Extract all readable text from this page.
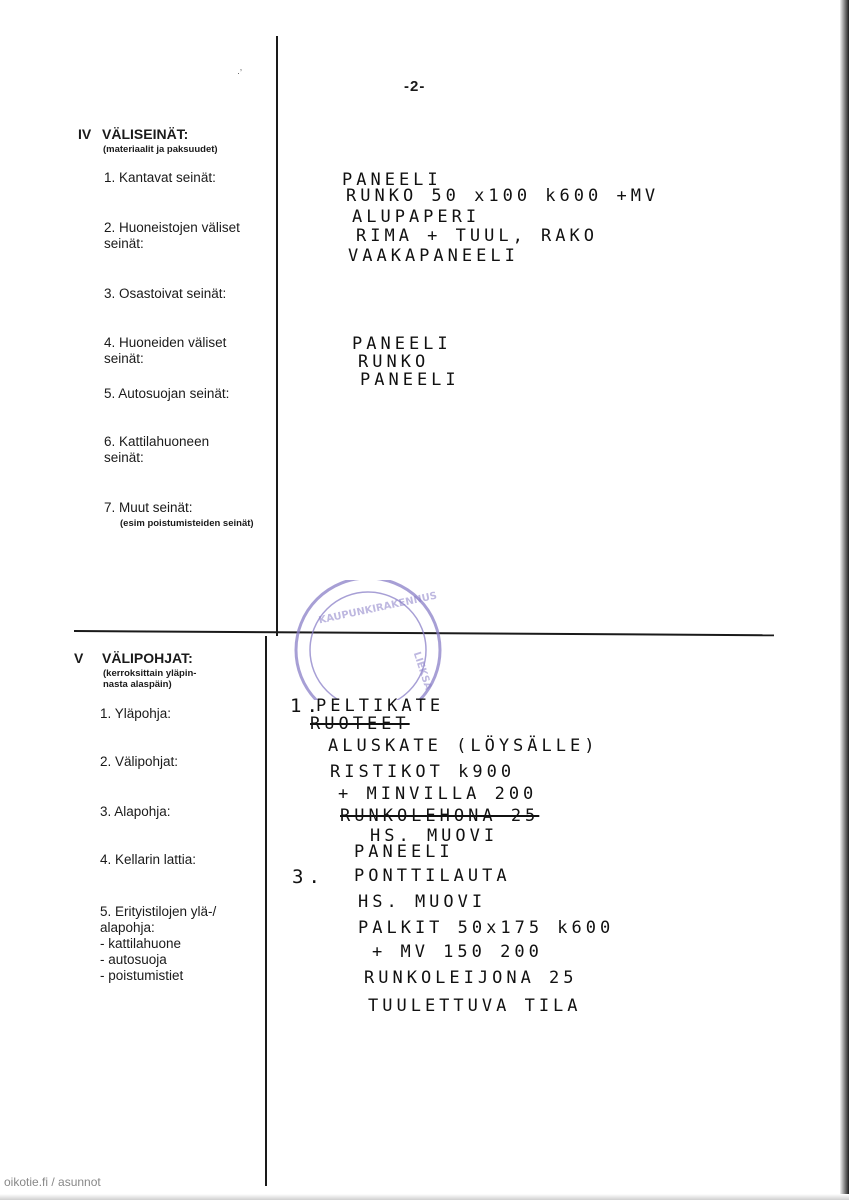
·ʼ
-2-
IV VÄLISEINÄT:
(materiaalit ja paksuudet)
1. Kantavat seinät:
2. Huoneistojen väliset
seinät:
3. Osastoivat seinät:
4. Huoneiden väliset
seinät:
5. Autosuojan seinät:
6. Kattilahuoneen
seinät:
7. Muut seinät:
(esim poistumisteiden seinät)
V VÄLIPOHJAT:
(kerroksittain yläpin-
nasta alaspäin)
1. Yläpohja:
2. Välipohjat:
3. Alapohja:
4. Kellarin lattia:
5. Erityistilojen ylä-/
alapohja:
- kattilahuone
- autosuoja
- poistumistiet
PANEELI
RUNKO 50 x100 k600 +MV
ALUPAPERI
RIMA + TUUL, RAKO
VAAKAPANEELI
PANEELI
RUNKO
PANEELI
KAUPUNKIRAKENNUS
LIEKSA
1.
PELTIKATE
RUOTEET
ALUSKATE (LÖYSÄLLE)
RISTIKOT k900
+ MINVILLA 200
RUNKOLEHONA 25
HS. MUOVI
PANEELI
3. PONTTILAUTA
HS. MUOVI
PALKIT 50x175 k600
+ MV 150 200
RUNKOLEIJONA 25
TUULETTUVA TILA
oikotie.fi / asunnot
